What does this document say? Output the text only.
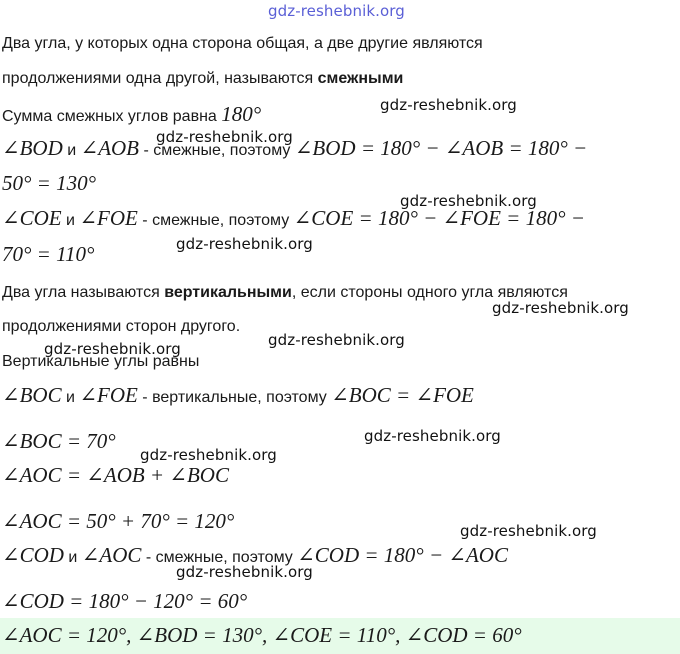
gdz-reshebnik.org
Два угла, у которых одна сторона общая, а две другие являются
продолжениями одна другой, называются смежными
Сумма смежных углов равна 180°	gdz-reshebnik.org
gdz-reshebnik.org
∠BOD и ∠AOB - смежные, поэтому ∠BOD = 180° − ∠AOB = 180° −
50° = 130°
gdz-reshebnik.org
∠COE и ∠FOE - смежные, поэтому ∠COE = 180° − ∠FOE = 180° −
gdz-reshebnik.org
70° = 110°
Два угла называются вертикальными, если стороны одного угла являются
gdz-reshebnik.org
продолжениями сторон другого.
gdz-reshebnik.org	gdz-reshebnik.org
Вертикальные углы равны
∠BOC и ∠FOE - вертикальные, поэтому ∠BOC = ∠FOE
∠BOC = 70°	gdz-reshebnik.org
gdz-reshebnik.org
∠AOC = ∠AOB + ∠BOC
∠AOC = 50° + 70° = 120°	gdz-reshebnik.org
∠COD и ∠AOC - смежные, поэтому ∠COD = 180° − ∠AOC
gdz-reshebnik.org
∠COD = 180° − 120° = 60°
∠AOC = 120°, ∠BOD = 130°, ∠COE = 110°, ∠COD = 60°
